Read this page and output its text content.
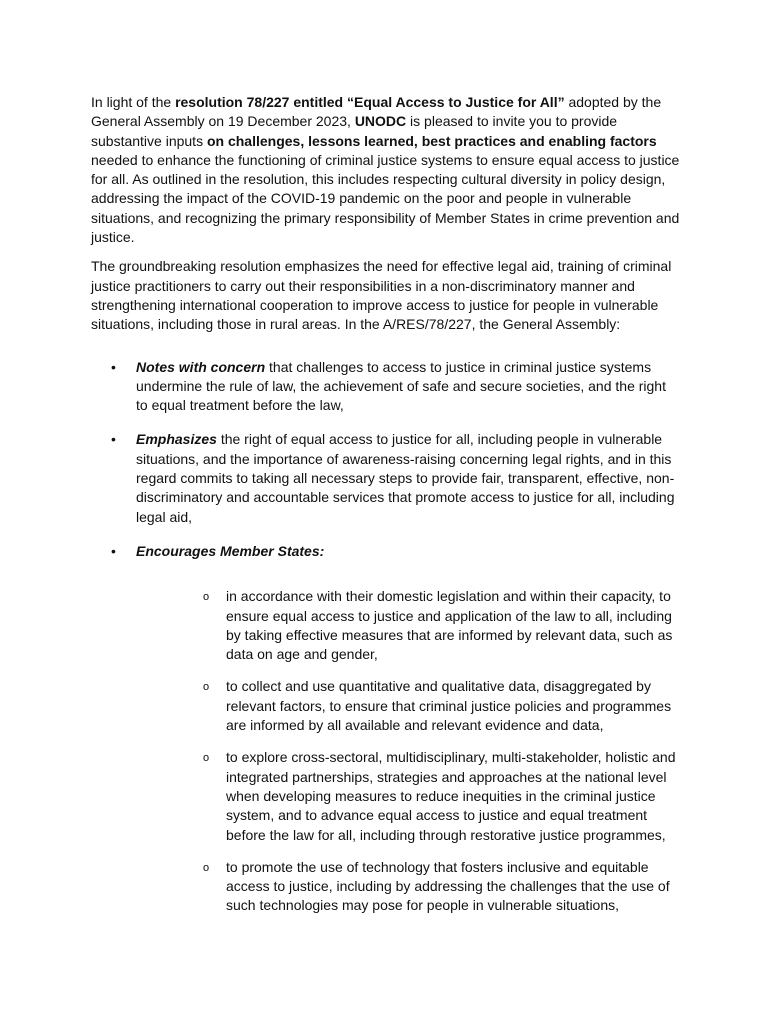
In light of the resolution 78/227 entitled “Equal Access to Justice for All” adopted by the General Assembly on 19 December 2023, UNODC is pleased to invite you to provide substantive inputs on challenges, lessons learned, best practices and enabling factors needed to enhance the functioning of criminal justice systems to ensure equal access to justice for all. As outlined in the resolution, this includes respecting cultural diversity in policy design, addressing the impact of the COVID-19 pandemic on the poor and people in vulnerable situations, and recognizing the primary responsibility of Member States in crime prevention and justice.

The groundbreaking resolution emphasizes the need for effective legal aid, training of criminal justice practitioners to carry out their responsibilities in a non-discriminatory manner and strengthening international cooperation to improve access to justice for people in vulnerable situations, including those in rural areas. In the A/RES/78/227, the General Assembly:

• Notes with concern that challenges to access to justice in criminal justice systems undermine the rule of law, the achievement of safe and secure societies, and the right to equal treatment before the law,
• Emphasizes the right of equal access to justice for all, including people in vulnerable situations, and the importance of awareness-raising concerning legal rights, and in this regard commits to taking all necessary steps to provide fair, transparent, effective, non-discriminatory and accountable services that promote access to justice for all, including legal aid,
• Encourages Member States:
o in accordance with their domestic legislation and within their capacity, to ensure equal access to justice and application of the law to all, including by taking effective measures that are informed by relevant data, such as data on age and gender,
o to collect and use quantitative and qualitative data, disaggregated by relevant factors, to ensure that criminal justice policies and programmes are informed by all available and relevant evidence and data,
o to explore cross-sectoral, multidisciplinary, multi-stakeholder, holistic and integrated partnerships, strategies and approaches at the national level when developing measures to reduce inequities in the criminal justice system, and to advance equal access to justice and equal treatment before the law for all, including through restorative justice programmes,
o to promote the use of technology that fosters inclusive and equitable access to justice, including by addressing the challenges that the use of such technologies may pose for people in vulnerable situations,
